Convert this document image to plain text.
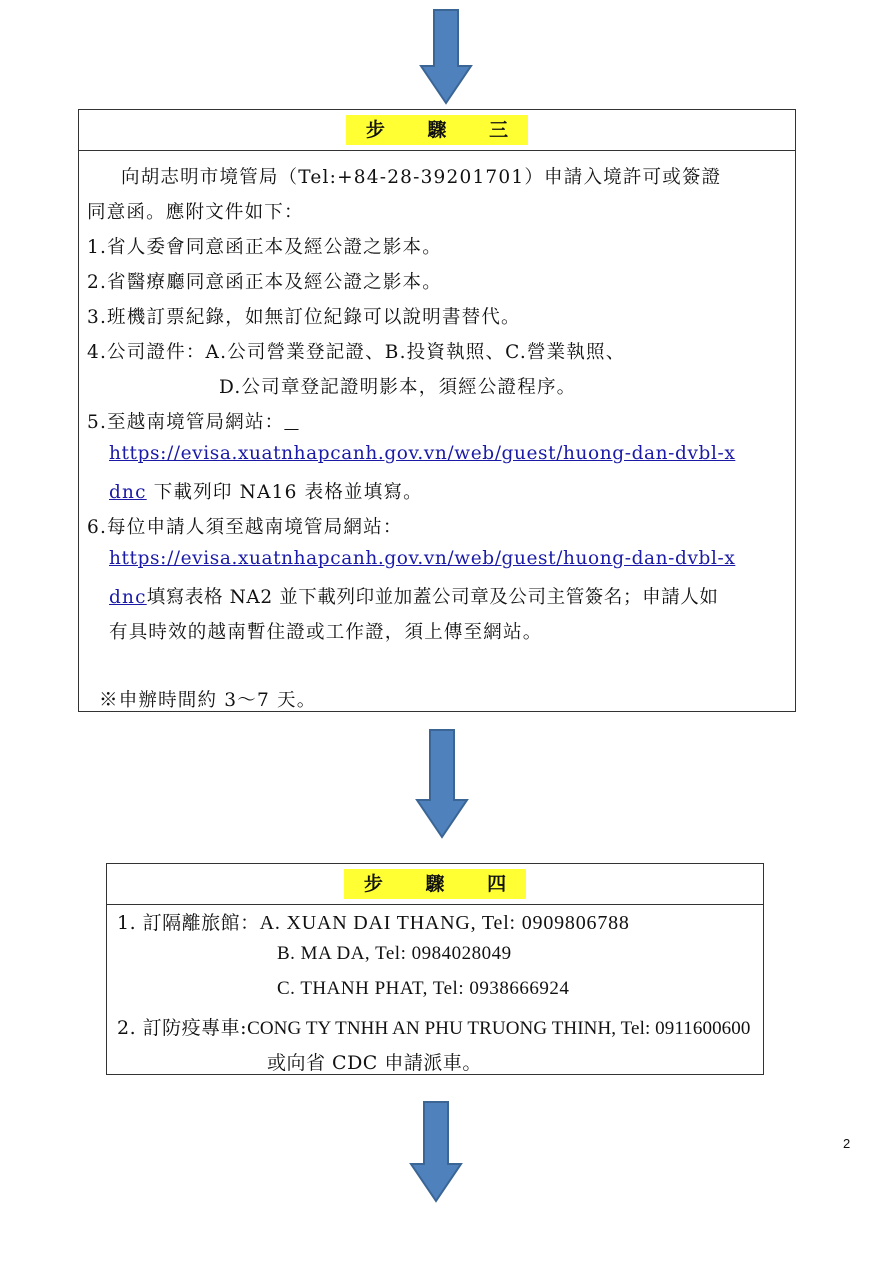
步 驟 三
向胡志明市境管局（Tel:+84-28-39201701）申請入境許可或簽證
同意函。應附文件如下：
1.省人委會同意函正本及經公證之影本。
2.省醫療廳同意函正本及經公證之影本。
3.班機訂票紀錄，如無訂位紀錄可以說明書替代。
4.公司證件：A.公司營業登記證、B.投資執照、C.營業執照、
D.公司章登記證明影本，須經公證程序。
5.至越南境管局網站：
https://evisa.xuatnhapcanh.gov.vn/web/guest/huong-dan-dvbl-x
dnc 下載列印 NA16 表格並填寫。
6.每位申請人須至越南境管局網站：
https://evisa.xuatnhapcanh.gov.vn/web/guest/huong-dan-dvbl-x
dnc填寫表格 NA2 並下載列印並加蓋公司章及公司主管簽名；申請人如
有具時效的越南暫住證或工作證，須上傳至網站。
※申辦時間約 3～7 天。
步 驟 四
1. 訂隔離旅館：A. XUAN DAI THANG, Tel: 0909806788
B. MA DA, Tel: 0984028049
C. THANH PHAT, Tel: 0938666924
2. 訂防疫專車:CONG TY TNHH AN PHU TRUONG THINH, Tel: 0911600600
或向省 CDC 申請派車。
2
